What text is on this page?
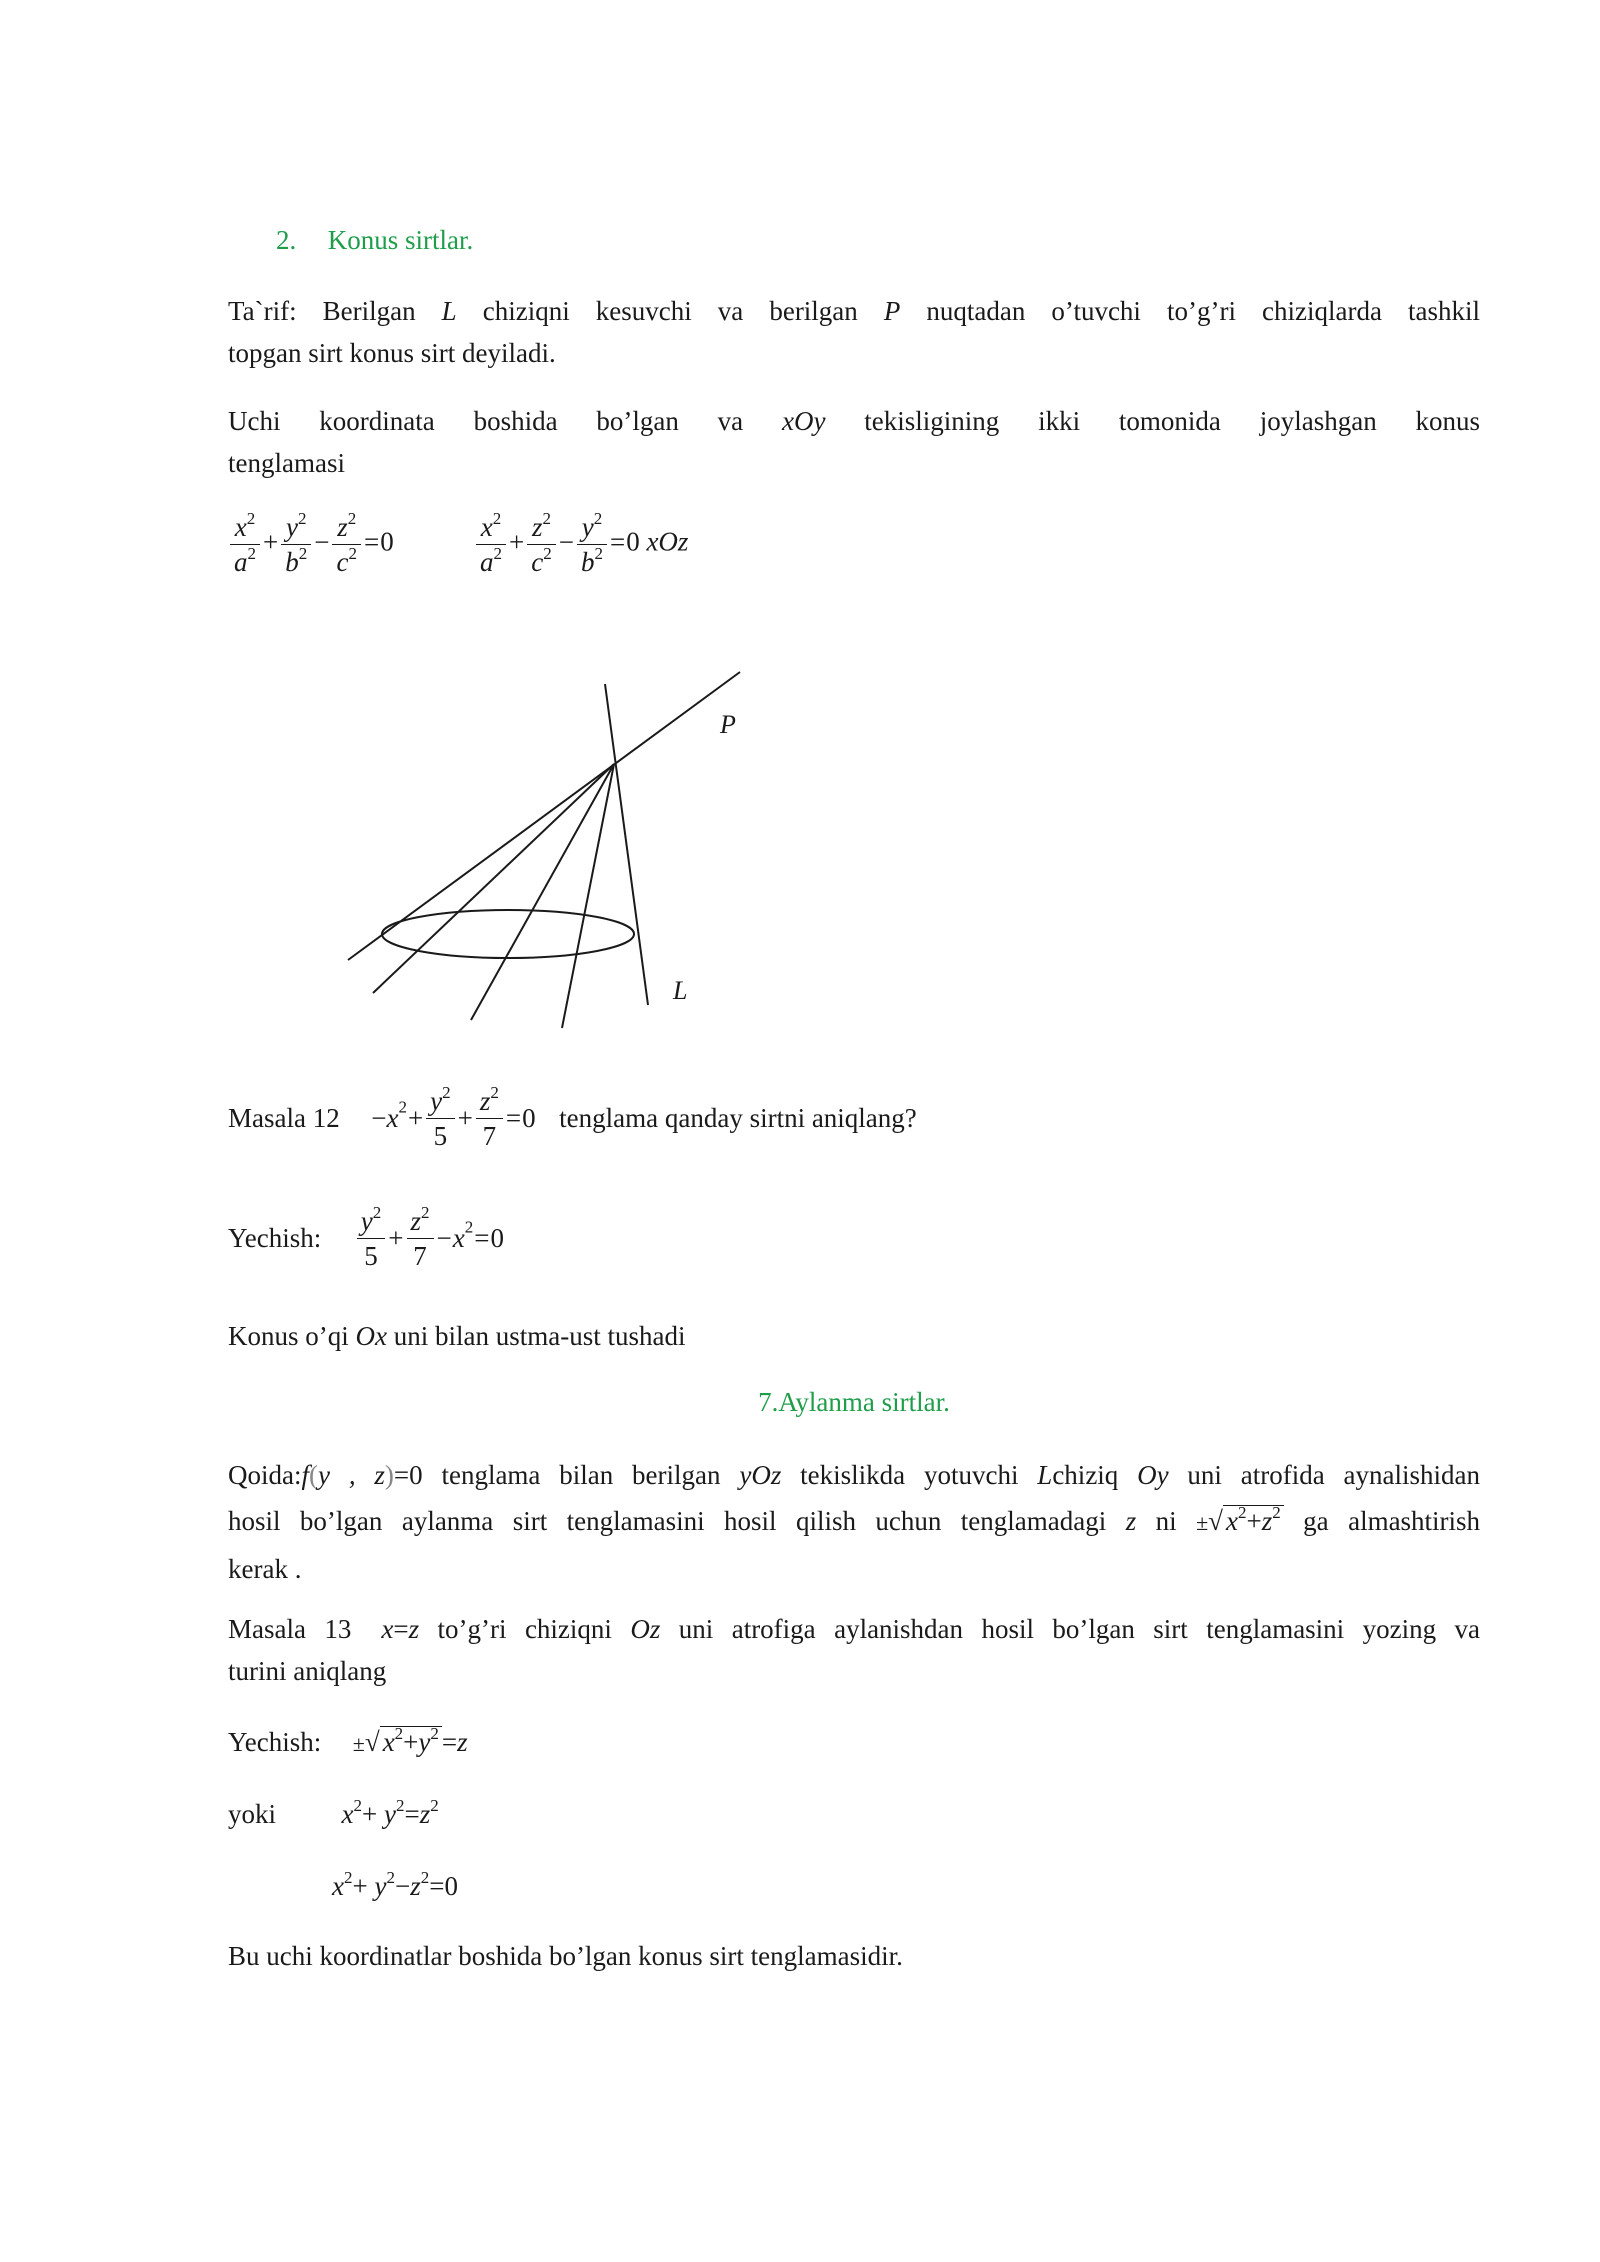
2. Konus sirtlar.
Ta`rif: Berilgan L chiziqni kesuvchi va berilgan P nuqtadan o’tuvchi to’g’ri chiziqlarda tashkil
topgan sirt konus sirt deyiladi.
Uchi koordinata boshida bo’lgan va xOy tekisligining ikki tomonida joylashgan konus
tenglamasi
$\frac{x^2}{a^2} + \frac{y^2}{b^2} - \frac{z^2}{c^2} =0$	$\frac{x^2}{a^2} + \frac{z^2}{c^2} - \frac{y^2}{b^2} =0$ xOz
P
L
Masala $12 -x^2+ \frac{y^2}{5} + \frac{z^2}{7} =0$ tenglama qanday sirtni aniqlang?
Yechish: $\frac{y^2}{5} + \frac{z^2}{7} -x^2=0$
Konus o’qi Ox uni bilan ustma-ust tushadi
7.Aylanma sirtlar.
Qoida:f(y , z)=0 tenglama bilan berilgan yOz tekislikda yotuvchi Lchiziq Oy uni atrofida aynalishidan
hosil bo’lgan aylanma sirt tenglamasini hosil qilish uchun tenglamadagi z ni ±√ $x^2+z^2$ ga almashtirish
kerak .
Masala 13 x=z to’g’ri chiziqni Oz uni atrofiga aylanishdan hosil bo’lgan sirt tenglamasini yozing va
turini aniqlang
Yechish: ±√ $x^2+y^2 =z$
yoki $x^2+ y^2=z^2$
$x^2+ y^2-z^2=0$
Bu uchi koordinatlar boshida bo’lgan konus sirt tenglamasidir.
